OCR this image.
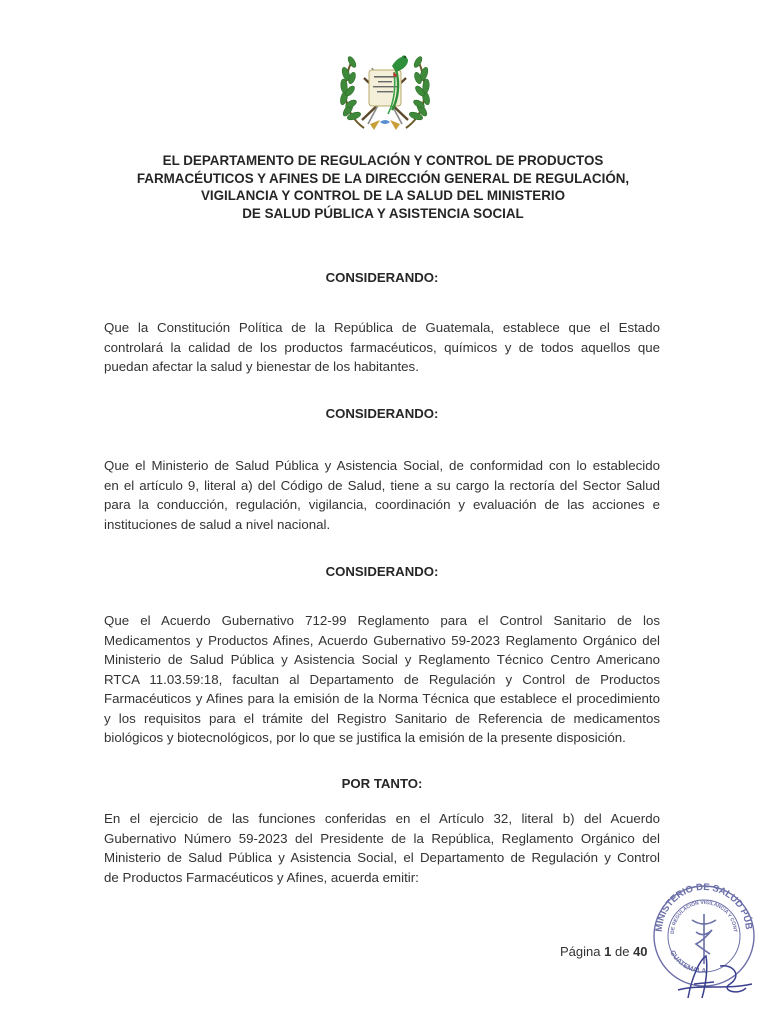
EL DEPARTAMENTO DE REGULACIÓN Y CONTROL DE PRODUCTOS
FARMACÉUTICOS Y AFINES DE LA DIRECCIÓN GENERAL DE REGULACIÓN,
VIGILANCIA Y CONTROL DE LA SALUD DEL MINISTERIO
DE SALUD PÚBLICA Y ASISTENCIA SOCIAL
CONSIDERANDO:
Que la Constitución Política de la República de Guatemala, establece que el Estado
controlará la calidad de los productos farmacéuticos, químicos y de todos aquellos que
puedan afectar la salud y bienestar de los habitantes.
CONSIDERANDO:
Que el Ministerio de Salud Pública y Asistencia Social, de conformidad con lo establecido
en el artículo 9, literal a) del Código de Salud, tiene a su cargo la rectoría del Sector Salud
para la conducción, regulación, vigilancia, coordinación y evaluación de las acciones e
instituciones de salud a nivel nacional.
CONSIDERANDO:
Que el Acuerdo Gubernativo 712-99 Reglamento para el Control Sanitario de los
Medicamentos y Productos Afines, Acuerdo Gubernativo 59-2023 Reglamento Orgánico del
Ministerio de Salud Pública y Asistencia Social y Reglamento Técnico Centro Americano
RTCA 11.03.59:18, facultan al Departamento de Regulación y Control de Productos
Farmacéuticos y Afines para la emisión de la Norma Técnica que establece el procedimiento
y los requisitos para el trámite del Registro Sanitario de Referencia de medicamentos
biológicos y biotecnológicos, por lo que se justifica la emisión de la presente disposición.
POR TANTO:
En el ejercicio de las funciones conferidas en el Artículo 32, literal b) del Acuerdo
Gubernativo Número 59-2023 del Presidente de la República, Reglamento Orgánico del
Ministerio de Salud Pública y Asistencia Social, el Departamento de Regulación y Control
de Productos Farmacéuticos y Afines, acuerda emitir:
MINISTERIO DE SALUD PÚB
DE REGULACIÓN VIGILANCIA Y CONT
GUATEMALA
Página 1 de 40
